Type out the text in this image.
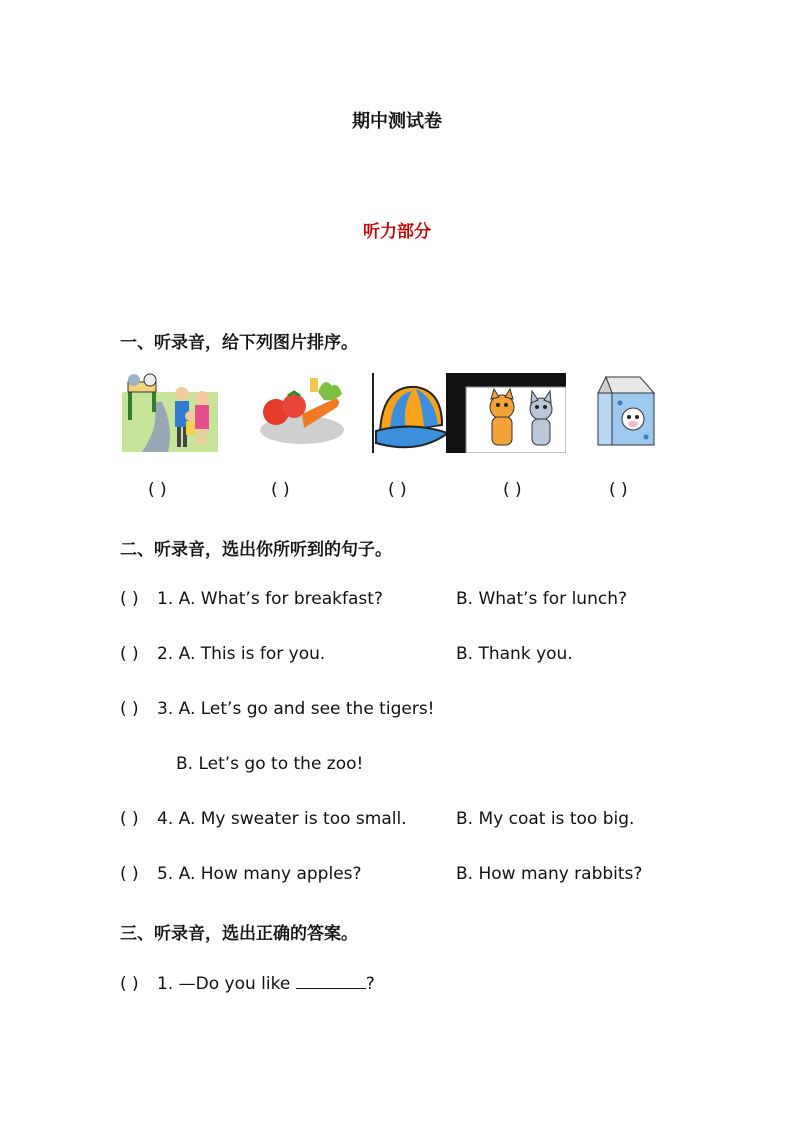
期中测试卷
听力部分
一、听录音，给下列图片排序。
( )	( )	( )	( )	( )
二、听录音，选出你所听到的句子。
( ) 1. A. What’s for breakfast?	B. What’s for lunch?
( ) 2. A. This is for you.	B. Thank you.
( ) 3. A. Let’s go and see the tigers!
B. Let’s go to the zoo!
( ) 4. A. My sweater is too small.	B. My coat is too big.
( ) 5. A. How many apples?	B. How many rabbits?
三、听录音，选出正确的答案。
( ) 1. —Do you like	?
